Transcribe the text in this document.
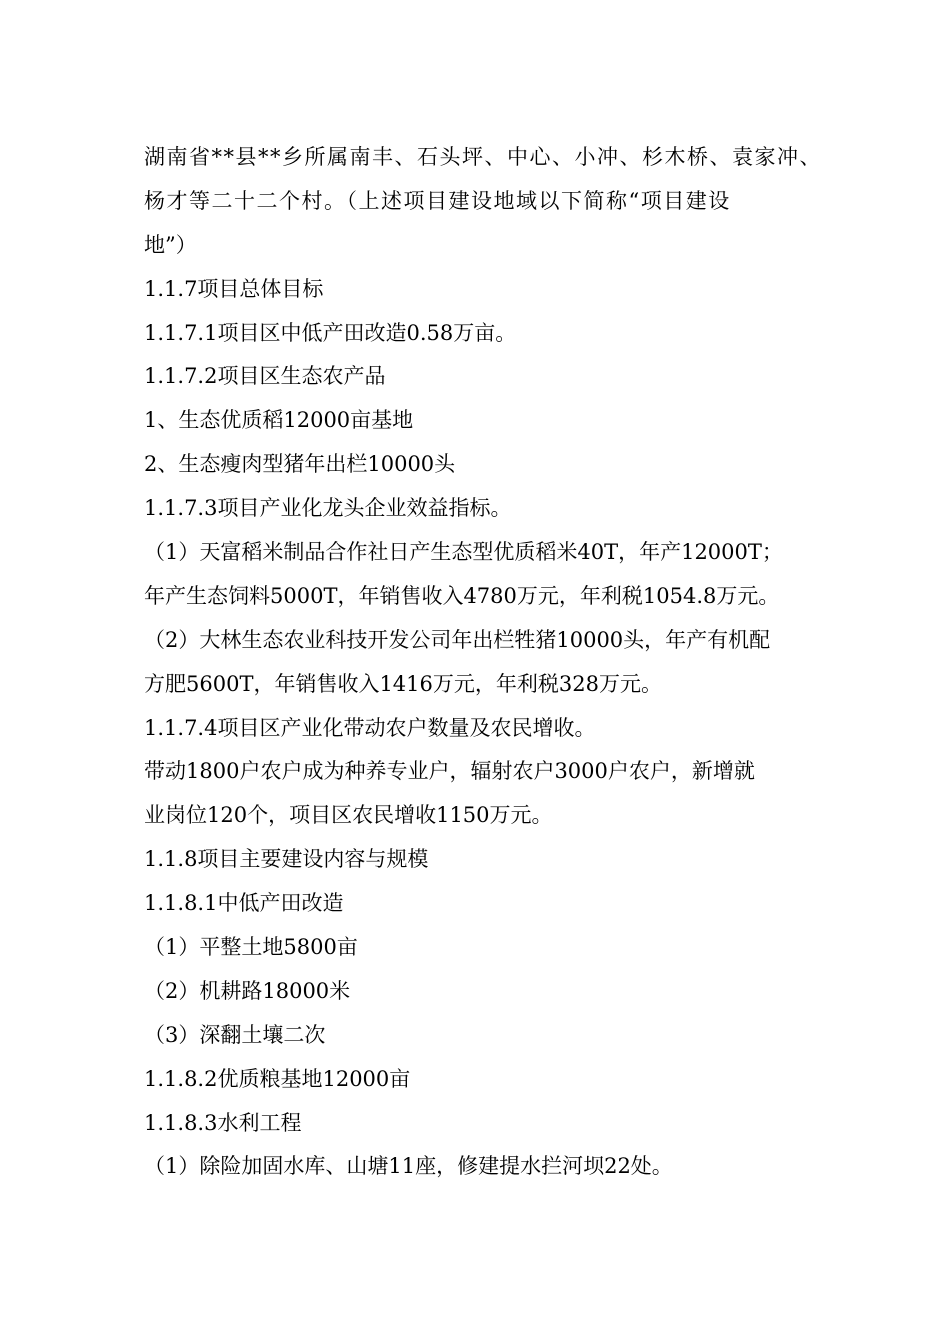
湖南省**县**乡所属南丰、石头坪、中心、小冲、杉木桥、袁家冲、
杨才等二十二个村。（上述项目建设地域以下简称“项目建设
地”）
1.1.7项目总体目标
1.1.7.1项目区中低产田改造0.58万亩。
1.1.7.2项目区生态农产品
1、生态优质稻12000亩基地
2、生态瘦肉型猪年出栏10000头
1.1.7.3项目产业化龙头企业效益指标。
（1）天富稻米制品合作社日产生态型优质稻米40T，年产12000T；
年产生态饲料5000T，年销售收入4780万元，年利税1054.8万元。
（2）大林生态农业科技开发公司年出栏牲猪10000头，年产有机配
方肥5600T，年销售收入1416万元，年利税328万元。
1.1.7.4项目区产业化带动农户数量及农民增收。
带动1800户农户成为种养专业户，辐射农户3000户农户，新增就
业岗位120个，项目区农民增收1150万元。
1.1.8项目主要建设内容与规模
1.1.8.1中低产田改造
（1）平整土地5800亩
（2）机耕路18000米
（3）深翻土壤二次
1.1.8.2优质粮基地12000亩
1.1.8.3水利工程
（1）除险加固水库、山塘11座，修建提水拦河坝22处。
